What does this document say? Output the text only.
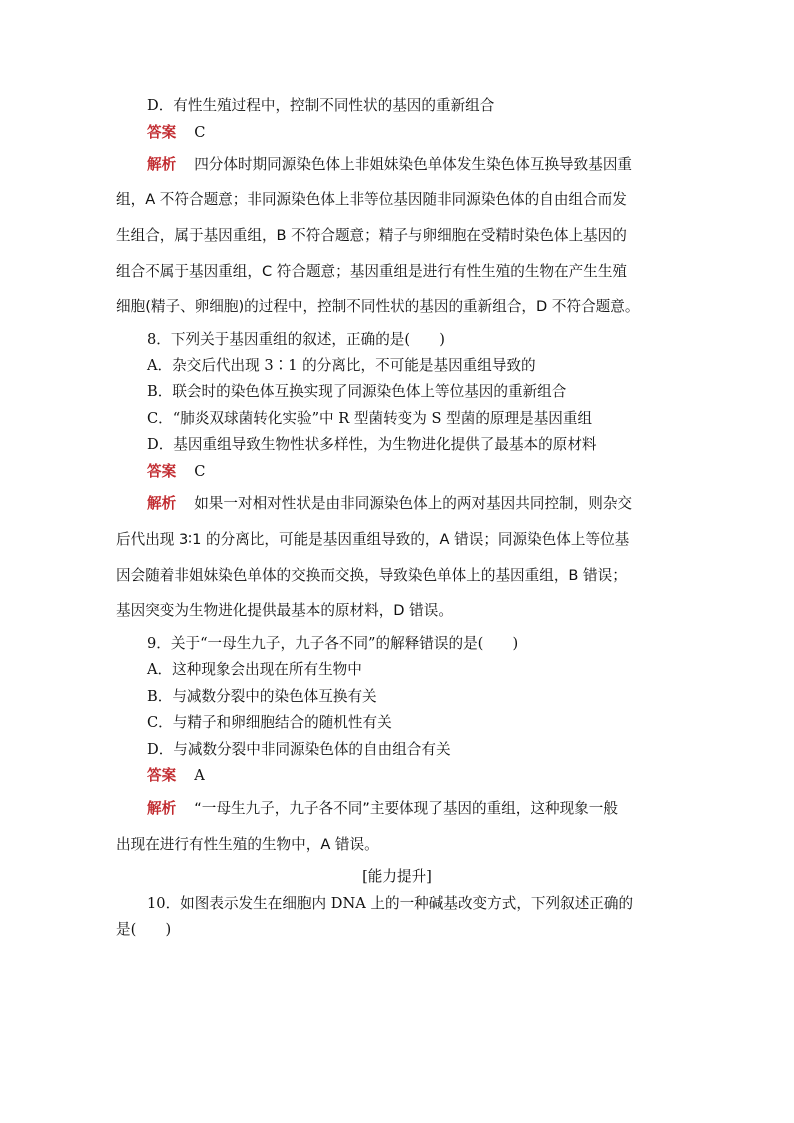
D．有性生殖过程中，控制不同性状的基因的重新组合
答案 C
解析 四分体时期同源染色体上非姐妹染色单体发生染色体互换导致基因重
组，A 不符合题意；非同源染色体上非等位基因随非同源染色体的自由组合而发
生组合，属于基因重组，B 不符合题意；精子与卵细胞在受精时染色体上基因的
组合不属于基因重组，C 符合题意；基因重组是进行有性生殖的生物在产生生殖
细胞(精子、卵细胞)的过程中，控制不同性状的基因的重新组合，D 不符合题意。
8．下列关于基因重组的叙述，正确的是(　　)
A．杂交后代出现 3∶1 的分离比，不可能是基因重组导致的
B．联会时的染色体互换实现了同源染色体上等位基因的重新组合
C．“肺炎双球菌转化实验”中 R 型菌转变为 S 型菌的原理是基因重组
D．基因重组导致生物性状多样性，为生物进化提供了最基本的原材料
答案 C
解析 如果一对相对性状是由非同源染色体上的两对基因共同控制，则杂交
后代出现 3∶1 的分离比，可能是基因重组导致的，A 错误；同源染色体上等位基
因会随着非姐妹染色单体的交换而交换，导致染色单体上的基因重组，B 错误；
基因突变为生物进化提供最基本的原材料，D 错误。
9．关于“一母生九子，九子各不同”的解释错误的是(　　)
A．这种现象会出现在所有生物中
B．与减数分裂中的染色体互换有关
C．与精子和卵细胞结合的随机性有关
D．与减数分裂中非同源染色体的自由组合有关
答案 A
解析 “一母生九子，九子各不同”主要体现了基因的重组，这种现象一般
出现在进行有性生殖的生物中，A 错误。
[能力提升]
10．如图表示发生在细胞内 DNA 上的一种碱基改变方式，下列叙述正确的
是(　　)
